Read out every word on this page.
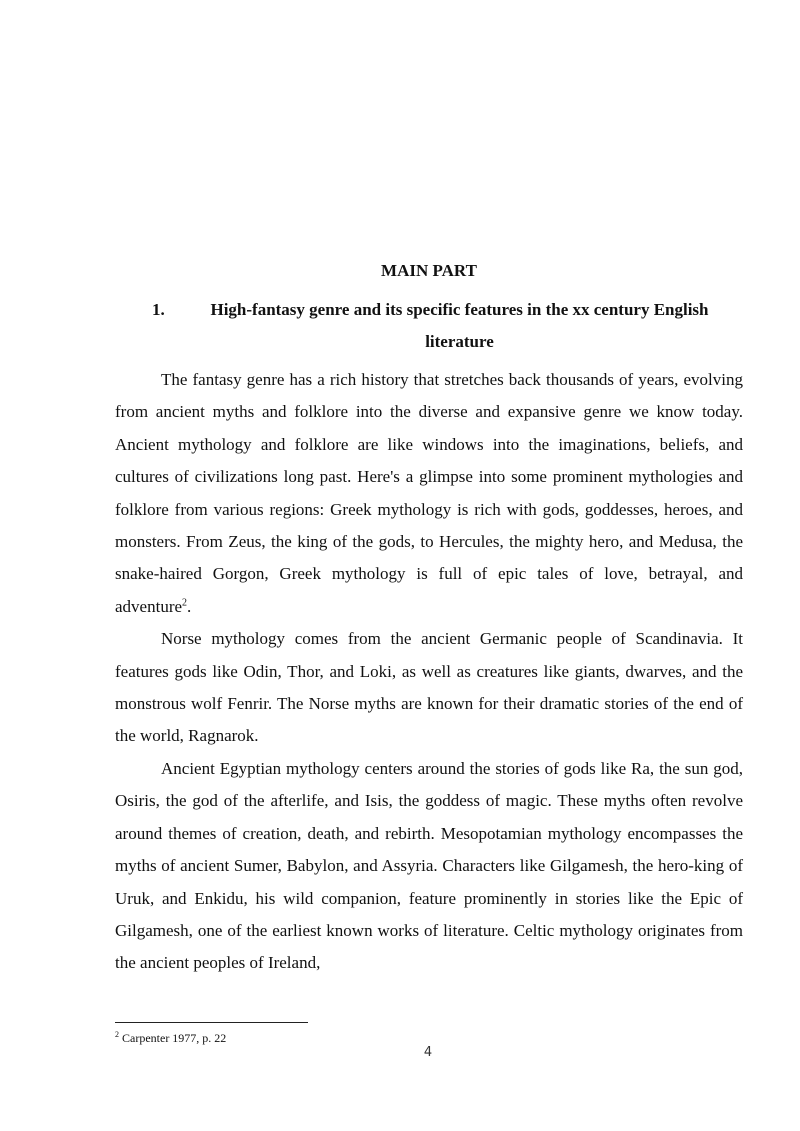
MAIN PART
1.	High-fantasy genre and its specific features in the xx century English literature

The fantasy genre has a rich history that stretches back thousands of years, evolving from ancient myths and folklore into the diverse and expansive genre we know today. Ancient mythology and folklore are like windows into the imaginations, beliefs, and cultures of civilizations long past. Here's a glimpse into some prominent mythologies and folklore from various regions: Greek mythology is rich with gods, goddesses, heroes, and monsters. From Zeus, the king of the gods, to Hercules, the mighty hero, and Medusa, the snake-haired Gorgon, Greek mythology is full of epic tales of love, betrayal, and adventure$^2$.

Norse mythology comes from the ancient Germanic people of Scandinavia. It features gods like Odin, Thor, and Loki, as well as creatures like giants, dwarves, and the monstrous wolf Fenrir. The Norse myths are known for their dramatic stories of the end of the world, Ragnarok.

Ancient Egyptian mythology centers around the stories of gods like Ra, the sun god, Osiris, the god of the afterlife, and Isis, the goddess of magic. These myths often revolve around themes of creation, death, and rebirth. Mesopotamian mythology encompasses the myths of ancient Sumer, Babylon, and Assyria. Characters like Gilgamesh, the hero-king of Uruk, and Enkidu, his wild companion, feature prominently in stories like the Epic of Gilgamesh, one of the earliest known works of literature. Celtic mythology originates from the ancient peoples of Ireland,

$^2$ Carpenter 1977, p. 22
4
